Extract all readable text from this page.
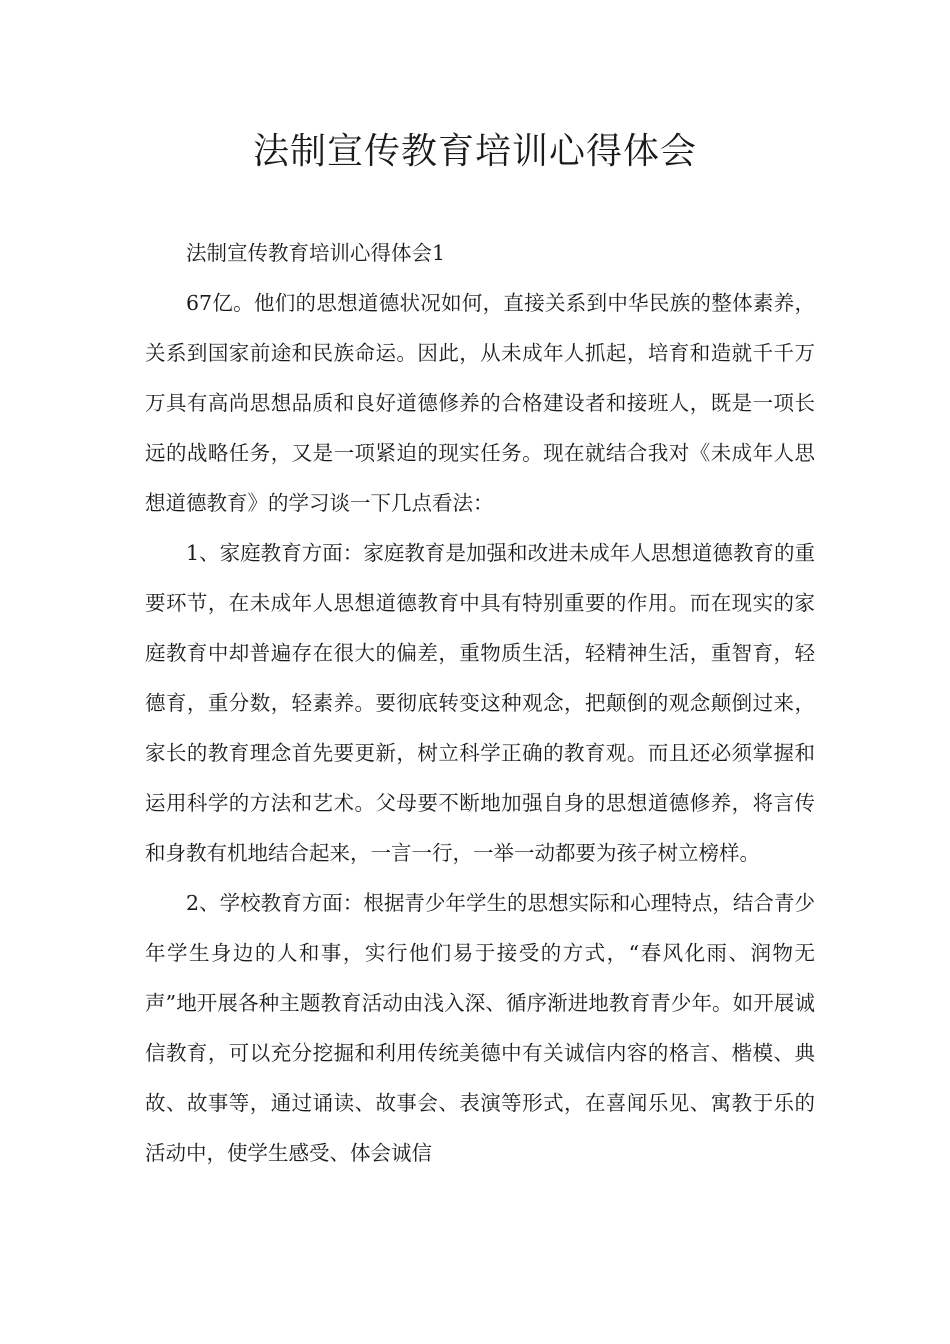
法制宣传教育培训心得体会

法制宣传教育培训心得体会1

67亿。他们的思想道德状况如何，直接关系到中华民族的整体素养，关系到国家前途和民族命运。因此，从未成年人抓起，培育和造就千千万万具有高尚思想品质和良好道德修养的合格建设者和接班人，既是一项长远的战略任务，又是一项紧迫的现实任务。现在就结合我对《未成年人思想道德教育》的学习谈一下几点看法：

1、家庭教育方面：家庭教育是加强和改进未成年人思想道德教育的重要环节，在未成年人思想道德教育中具有特别重要的作用。而在现实的家庭教育中却普遍存在很大的偏差，重物质生活，轻精神生活，重智育，轻德育，重分数，轻素养。要彻底转变这种观念，把颠倒的观念颠倒过来，家长的教育理念首先要更新，树立科学正确的教育观。而且还必须掌握和运用科学的方法和艺术。父母要不断地加强自身的思想道德修养，将言传和身教有机地结合起来，一言一行，一举一动都要为孩子树立榜样。

2、学校教育方面：根据青少年学生的思想实际和心理特点，结合青少年学生身边的人和事，实行他们易于接受的方式，“春风化雨、润物无声”地开展各种主题教育活动由浅入深、循序渐进地教育青少年。如开展诚信教育，可以充分挖掘和利用传统美德中有关诚信内容的格言、楷模、典故、故事等，通过诵读、故事会、表演等形式，在喜闻乐见、寓教于乐的活动中，使学生感受、体会诚信
